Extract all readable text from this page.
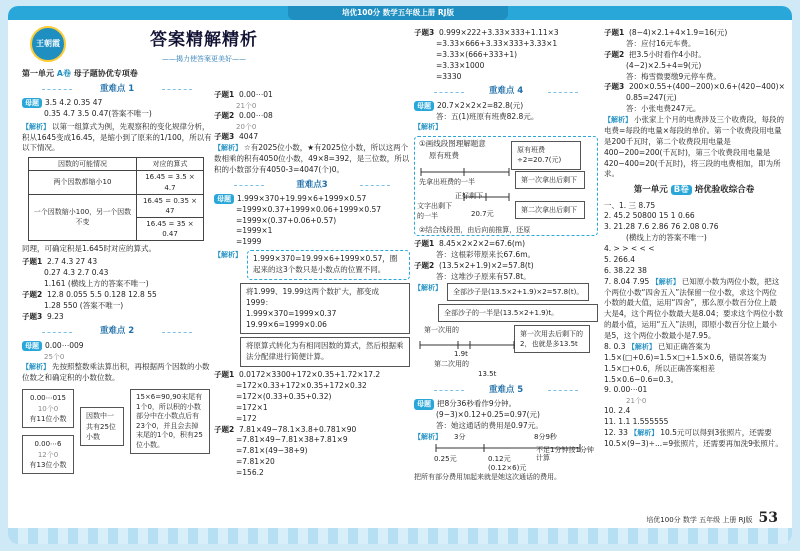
培优100分 数学五年级上册 RJ版
王朝霞	答案精解精析
——揭力使答案更美好——
第一单元 A卷 母子题协优专项卷
重难点 1
母题 3.5 4.2 0.35 47
0.35 4.7 3.5 0.47(答案不唯一)
【解析】 以第一组算式为例，先观察积的变化规律分析，积从1645变成16.45，是缩小到了原来的1/100，所以有以下情况。
因数的可能情况	对应的算式
两个因数都缩小10	16.45 = 3.5 × 4.7
一个因数缩小100，另一个因数不变	16.45 = 0.35 × 47
	16.45 = 35 × 0.47
同理，可确定积是1.645时对应的算式。
子题1 2.7 4.3 27 43
0.27 4.3 2.7 0.43
1.161 (横线上方的答案不唯一)
子题2 12.8 0.055 5.5 0.128 12.8 55
1.28 550 (答案不唯一)
子题3 9.23
重难点 2
母题 0.00⋯009
25个0
【解析】 先按照整数乘法算出积，再根据两个因数的小数位数之和确定积的小数位数。
0.00⋯015
10个0
有11位小数
0.00⋯6
12个0
有13位小数
因数中一共有25位小数
15×6=90,90末尾有1个0，所以积的小数部分中在小数点后有23个0，并且会去掉末尾的1个0，积有25位小数。
子题1 0.00⋯01
21个0
子题2 0.00⋯08
20个0
子题3 4047
【解析】 ☆有2025位小数，★有2025位小数，所以这两个数相乘的积有4050位小数，49×8=392，是三位数，所以积的小数部分有4050-3=4047(个)0。
重难点3
母题 1.999×370+19.99×6+1999×0.57
=1999×0.37+1999×0.06+1999×0.57
=1999×(0.37+0.06+0.57)
=1999×1
=1999
【解析】	1.999×370=19.99×6+1999×0.57，圈起来的这3个数只是小数点的位置不同。
将1.999、19.99这两个数扩大，都变成1999：
1.999×370=1999×0.37
19.99×6=1999×0.06
将原算式转化为有相同因数的算式，然后根据乘法分配律进行简便计算。
子题1 0.0172×3300+172×0.35+1.72×17.2
=172×0.33+172×0.35+172×0.32
=172×(0.33+0.35+0.32)
=172×1
=172
子题2 7.81×49−78.1×3.8+0.781×90
=7.81×49−7.81×38+7.81×9
=7.81×(49−38+9)
=7.81×20
=156.2
子题3 0.999×222+3.33×333+1.11×3
=3.33×666+3.33×333+3.33×1
=3.33×(666+333+1)
=3.33×1000
=3330
重难点 4
母题 20.7×2×2×2=82.8(元)
答：五(1)班原有班费82.8元。
【解析】
①画线段图理解题意
原有班费
原有班费÷2=20.7(元)
先拿出班费的一半	第一次拿出后剩下
正好剩下
文字出剩下的一半	20.7元	第二次拿出后剩下
②结合线段图，由后向前推算，还原
子题1 8.45×2×2×2=67.6(m)
答：这根彩带原来长67.6m。
子题2 (13.5×2+1.9)×2=57.8(t)
答：这堆沙子原来有57.8t。
【解析】	全部沙子是(13.5×2+1.9)×2=57.8(t)。
全部沙子的一半是(13.5×2+1.9)t。
第一次用的	第一次用去后剩下的2，也就是多13.5t
1.9t
第二次用的
13.5t
重难点 5
母题 把8分36秒看作9分钟。
(9−3)×0.12+0.25=0.97(元)
答：她这通话的费用是0.97元。
【解析】 3分	8分9秒
0.25元	0.12元
不足1分钟按1分钟计算
(0.12×6)元
把所有部分费用加起来就是她这次通话的费用。
子题1 (8−4)×2.1+4×1.9=16(元)
答：应付16元车费。
子题2 把3.5小时看作4小时。
(4−2)×2.5+4=9(元)
答：梅雪微要缴9元停车费。
子题3 200×0.55+(400−200)×0.6+(420−400)×
0.85=247(元)
答：小张电费247元。
【解析】 小张家上个月的电费涉及三个收费段，每段的电费=每段的电量×每段的单价。第一个收费段用电量是200千瓦时，第二个收费段用电量是400−200=200(千瓦时)，第三个收费段用电量是420−400=20(千瓦时)，将三段的电费相加，即为所求。
第一单元 B卷 培优验收综合卷
一、1. 三 8.75
2. 45.2 50800 15 1 0.66
3. 21.28 7.6 2.86 76 2.08 0.76
(横线上方的答案不唯一)
4. > > < < <
5. 266.4
6. 38.22 38
7. 8.04 7.95 【解析】 已知原小数为两位小数，把这个两位小数“四舍五入”法保留一位小数，求这个两位小数的最大值，运用“四舍”，那么原小数百分位上最大是4，这个两位小数最大是8.04；要求这个两位小数的最小值，运用“五入”法则，即原小数百分位上最小是5，这个两位小数最小是7.95。
8. 0.3 【解析】 已知正确答案为1.5×(□+0.6)=1.5×□+1.5×0.6，错误答案为1.5×□+0.6，所以正确答案相差1.5×0.6−0.6=0.3。
9. 0.00⋯01
21个0
10. 2.4
11. 1.1 1.555555
12. 33 【解析】 10.5元可以得到3张照片，还需要10.5×(9−3)÷...=9张照片，还需要再加洗9张照片。
培优100分 数学 五年级 上册 RJ版 53
